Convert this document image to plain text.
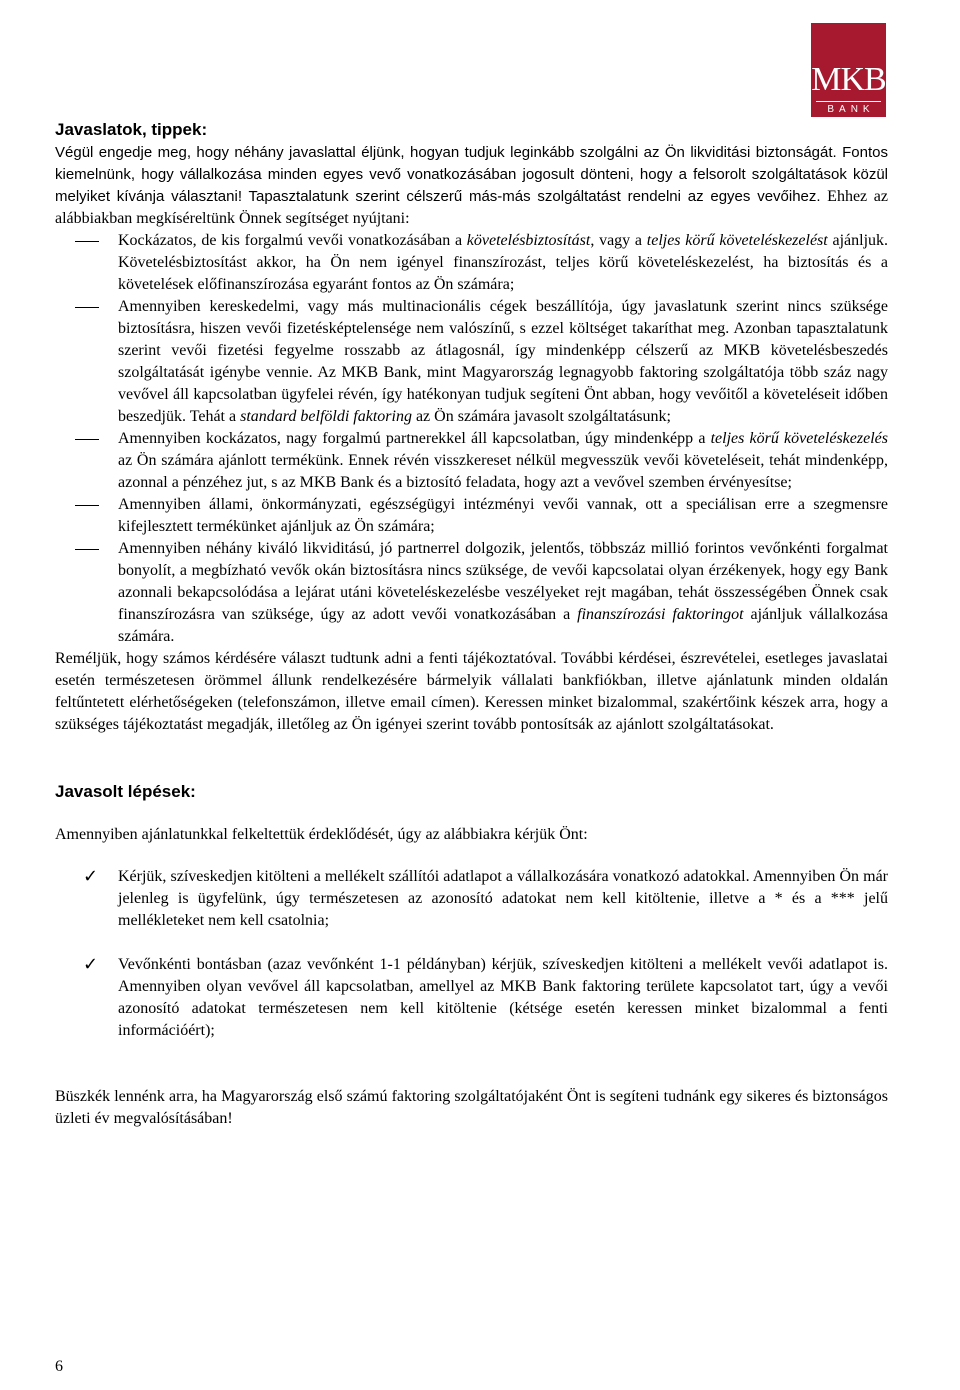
MKB
BANK
Javaslatok, tippek:

Végül engedje meg, hogy néhány javaslattal éljünk, hogyan tudjuk leginkább szolgálni az Ön likviditási biztonságát. Fontos kiemelnünk, hogy vállalkozása minden egyes vevő vonatkozásában jogosult dönteni, hogy a felsorolt szolgáltatások közül melyiket kívánja választani! Tapasztalatunk szerint célszerű más-más szolgáltatást rendelni az egyes vevőihez. Ehhez az alábbiakban megkíséreltünk Önnek segítséget nyújtani:

Kockázatos, de kis forgalmú vevői vonatkozásában a követelésbiztosítást, vagy a teljes körű követeléskezelést ajánljuk. Követelésbiztosítást akkor, ha Ön nem igényel finanszírozást, teljes körű követeléskezelést, ha biztosítás és a követelések előfinanszírozása egyaránt fontos az Ön számára;
Amennyiben kereskedelmi, vagy más multinacionális cégek beszállítója, úgy javaslatunk szerint nincs szüksége biztosításra, hiszen vevői fizetésképtelensége nem valószínű, s ezzel költséget takaríthat meg. Azonban tapasztalatunk szerint vevői fizetési fegyelme rosszabb az átlagosnál, így mindenképp célszerű az MKB követelésbeszedés szolgáltatását igénybe vennie. Az MKB Bank, mint Magyarország legnagyobb faktoring szolgáltatója több száz nagy vevővel áll kapcsolatban ügyfelei révén, így hatékonyan tudjuk segíteni Önt abban, hogy vevőitől a követeléseit időben beszedjük. Tehát a standard belföldi faktoring az Ön számára javasolt szolgáltatásunk;
Amennyiben kockázatos, nagy forgalmú partnerekkel áll kapcsolatban, úgy mindenképp a teljes körű követeléskezelés az Ön számára ajánlott termékünk. Ennek révén visszkereset nélkül megvesszük vevői követeléseit, tehát mindenképp, azonnal a pénzéhez jut, s az MKB Bank és a biztosító feladata, hogy azt a vevővel szemben érvényesítse;
Amennyiben állami, önkormányzati, egészségügyi intézményi vevői vannak, ott a speciálisan erre a szegmensre kifejlesztett termékünket ajánljuk az Ön számára;
Amennyiben néhány kiváló likviditású, jó partnerrel dolgozik, jelentős, többszáz millió forintos vevőnkénti forgalmat bonyolít, a megbízható vevők okán biztosításra nincs szüksége, de vevői kapcsolatai olyan érzékenyek, hogy egy Bank azonnali bekapcsolódása a lejárat utáni követeléskezelésbe veszélyeket rejt magában, tehát összességében Önnek csak finanszírozásra van szüksége, úgy az adott vevői vonatkozásában a finanszírozási faktoringot ajánljuk vállalkozása számára.

Reméljük, hogy számos kérdésére választ tudtunk adni a fenti tájékoztatóval. További kérdései, észrevételei, esetleges javaslatai esetén természetesen örömmel állunk rendelkezésére bármelyik vállalati bankfiókban, illetve ajánlatunk minden oldalán feltűntetett elérhetőségeken (telefonszámon, illetve email címen). Keressen minket bizalommal, szakértőink készek arra, hogy a szükséges tájékoztatást megadják, illetőleg az Ön igényei szerint tovább pontosítsák az ajánlott szolgáltatásokat.

Javasolt lépések:

Amennyiben ajánlatunkkal felkeltettük érdeklődését, úgy az alábbiakra kérjük Önt:

✓ Kérjük, szíveskedjen kitölteni a mellékelt szállítói adatlapot a vállalkozására vonatkozó adatokkal. Amennyiben Ön már jelenleg is ügyfelünk, úgy természetesen az azonosító adatokat nem kell kitöltenie, illetve a * és a *** jelű mellékleteket nem kell csatolnia;
✓ Vevőnkénti bontásban (azaz vevőnként 1-1 példányban) kérjük, szíveskedjen kitölteni a mellékelt vevői adatlapot is. Amennyiben olyan vevővel áll kapcsolatban, amellyel az MKB Bank faktoring területe kapcsolatot tart, úgy a vevői azonosító adatokat természetesen nem kell kitöltenie (kétsége esetén keressen minket bizalommal a fenti információért);

Büszkék lennénk arra, ha Magyarország első számú faktoring szolgáltatójaként Önt is segíteni tudnánk egy sikeres és biztonságos üzleti év megvalósításában!

6
